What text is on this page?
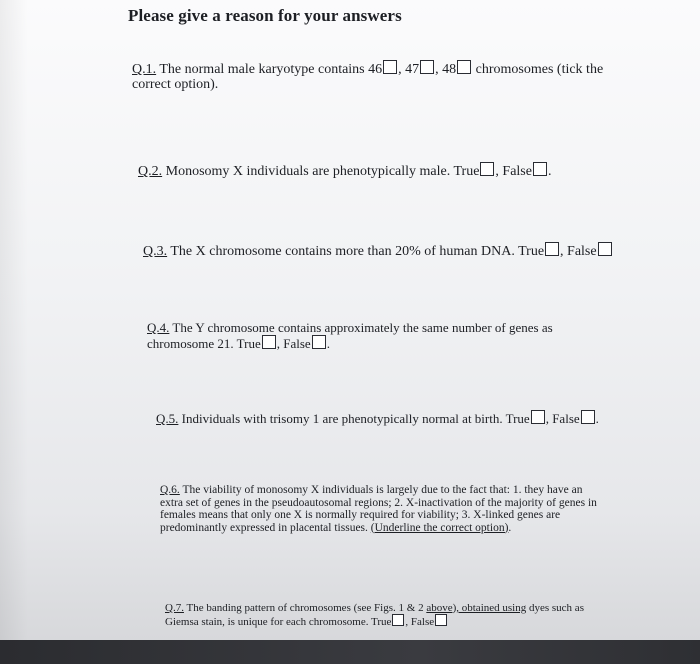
Please give a reason for your answers
Q.1. The normal male karyotype contains 46 , 47 , 48 chromosomes (tick the correct option).
Q.2. Monosomy X individuals are phenotypically male. True , False .
Q.3. The X chromosome contains more than 20% of human DNA. True , False
Q.4. The Y chromosome contains approximately the same number of genes as chromosome 21. True , False .
Q.5. Individuals with trisomy 1 are phenotypically normal at birth. True , False .
Q.6. The viability of monosomy X individuals is largely due to the fact that: 1. they have an extra set of genes in the pseudoautosomal regions; 2. X-inactivation of the majority of genes in females means that only one X is normally required for viability; 3. X-linked genes are predominantly expressed in placental tissues. (Underline the correct option).
Q.7. The banding pattern of chromosomes (see Figs. 1 & 2 above), obtained using dyes such as Giemsa stain, is unique for each chromosome. True , False
